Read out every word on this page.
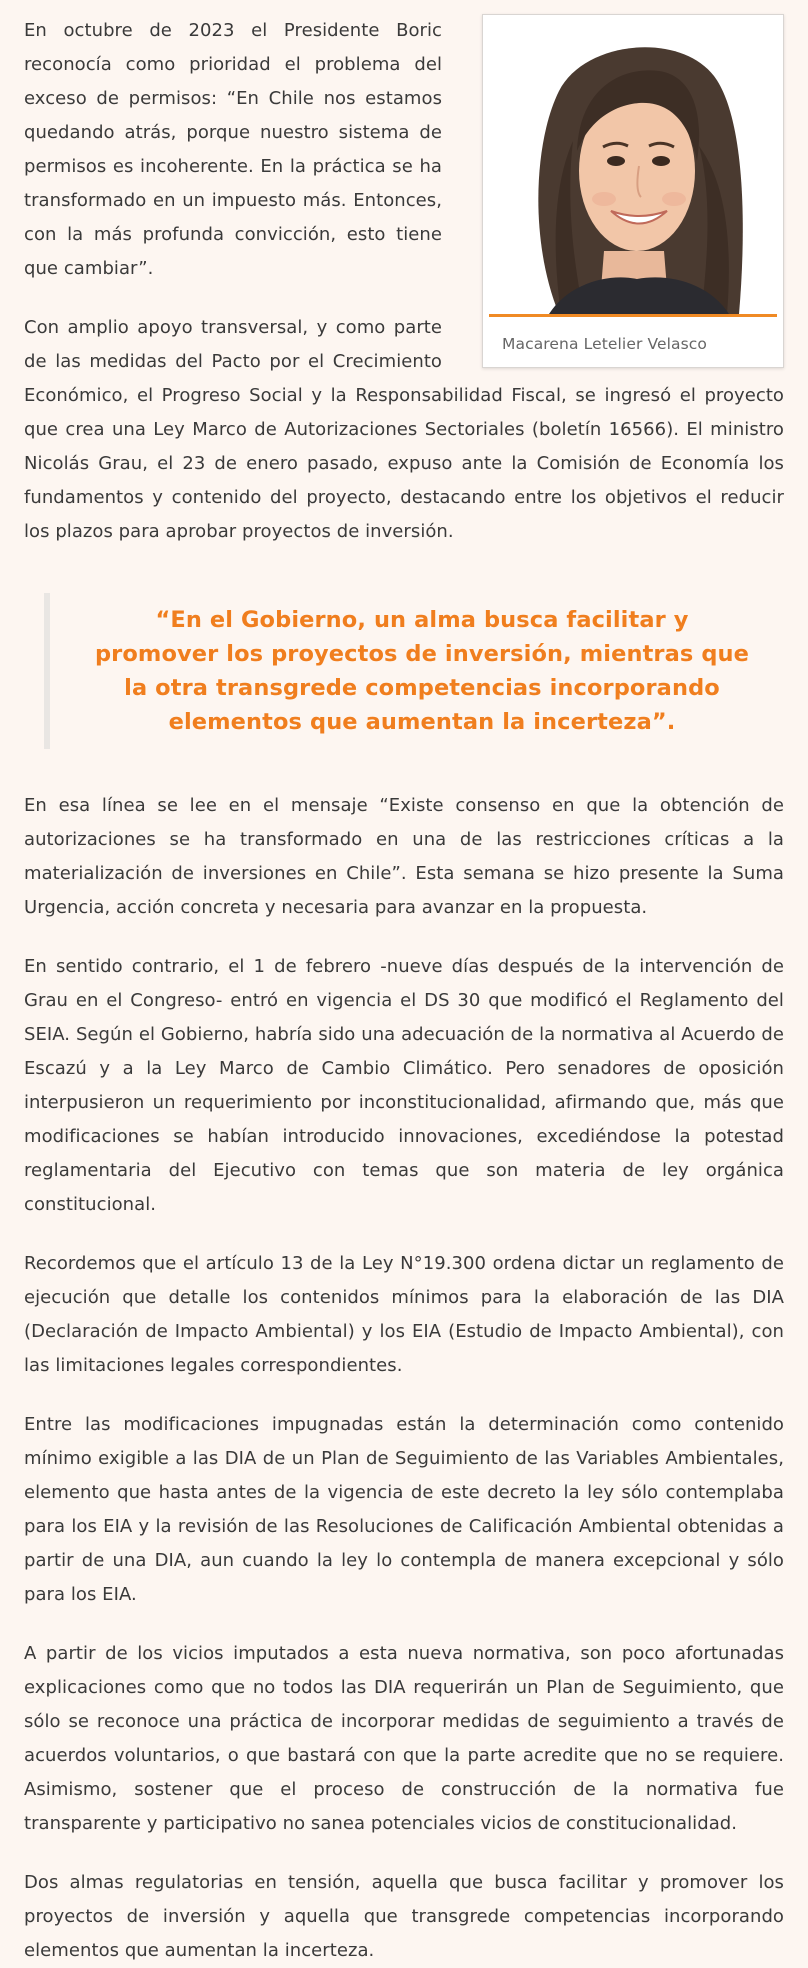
Macarena Letelier Velasco

En octubre de 2023 el Presidente Boric reconocía como prioridad el problema del exceso de permisos: “En Chile nos estamos quedando atrás, porque nuestro sistema de permisos es incoherente. En la práctica se ha transformado en un impuesto más. Entonces, con la más profunda convicción, esto tiene que cambiar”.

Con amplio apoyo transversal, y como parte de las medidas del Pacto por el Crecimiento Económico, el Progreso Social y la Responsabilidad Fiscal, se ingresó el proyecto que crea una Ley Marco de Autorizaciones Sectoriales (boletín 16566). El ministro Nicolás Grau, el 23 de enero pasado, expuso ante la Comisión de Economía los fundamentos y contenido del proyecto, destacando entre los objetivos el reducir los plazos para aprobar proyectos de inversión.

“En el Gobierno, un alma busca facilitar y promover los proyectos de inversión, mientras que la otra transgrede competencias incorporando elementos que aumentan la incerteza”.

En esa línea se lee en el mensaje “Existe consenso en que la obtención de autorizaciones se ha transformado en una de las restricciones críticas a la materialización de inversiones en Chile”. Esta semana se hizo presente la Suma Urgencia, acción concreta y necesaria para avanzar en la propuesta.

En sentido contrario, el 1 de febrero -nueve días después de la intervención de Grau en el Congreso- entró en vigencia el DS 30 que modificó el Reglamento del SEIA. Según el Gobierno, habría sido una adecuación de la normativa al Acuerdo de Escazú y a la Ley Marco de Cambio Climático. Pero senadores de oposición interpusieron un requerimiento por inconstitucionalidad, afirmando que, más que modificaciones se habían introducido innovaciones, excediéndose la potestad reglamentaria del Ejecutivo con temas que son materia de ley orgánica constitucional.

Recordemos que el artículo 13 de la Ley N°19.300 ordena dictar un reglamento de ejecución que detalle los contenidos mínimos para la elaboración de las DIA (Declaración de Impacto Ambiental) y los EIA (Estudio de Impacto Ambiental), con las limitaciones legales correspondientes.

Entre las modificaciones impugnadas están la determinación como contenido mínimo exigible a las DIA de un Plan de Seguimiento de las Variables Ambientales, elemento que hasta antes de la vigencia de este decreto la ley sólo contemplaba para los EIA y la revisión de las Resoluciones de Calificación Ambiental obtenidas a partir de una DIA, aun cuando la ley lo contempla de manera excepcional y sólo para los EIA.

A partir de los vicios imputados a esta nueva normativa, son poco afortunadas explicaciones como que no todos las DIA requerirán un Plan de Seguimiento, que sólo se reconoce una práctica de incorporar medidas de seguimiento a través de acuerdos voluntarios, o que bastará con que la parte acredite que no se requiere. Asimismo, sostener que el proceso de construcción de la normativa fue transparente y participativo no sanea potenciales vicios de constitucionalidad.

Dos almas regulatorias en tensión, aquella que busca facilitar y promover los proyectos de inversión y aquella que transgrede competencias incorporando elementos que aumentan la incerteza.
